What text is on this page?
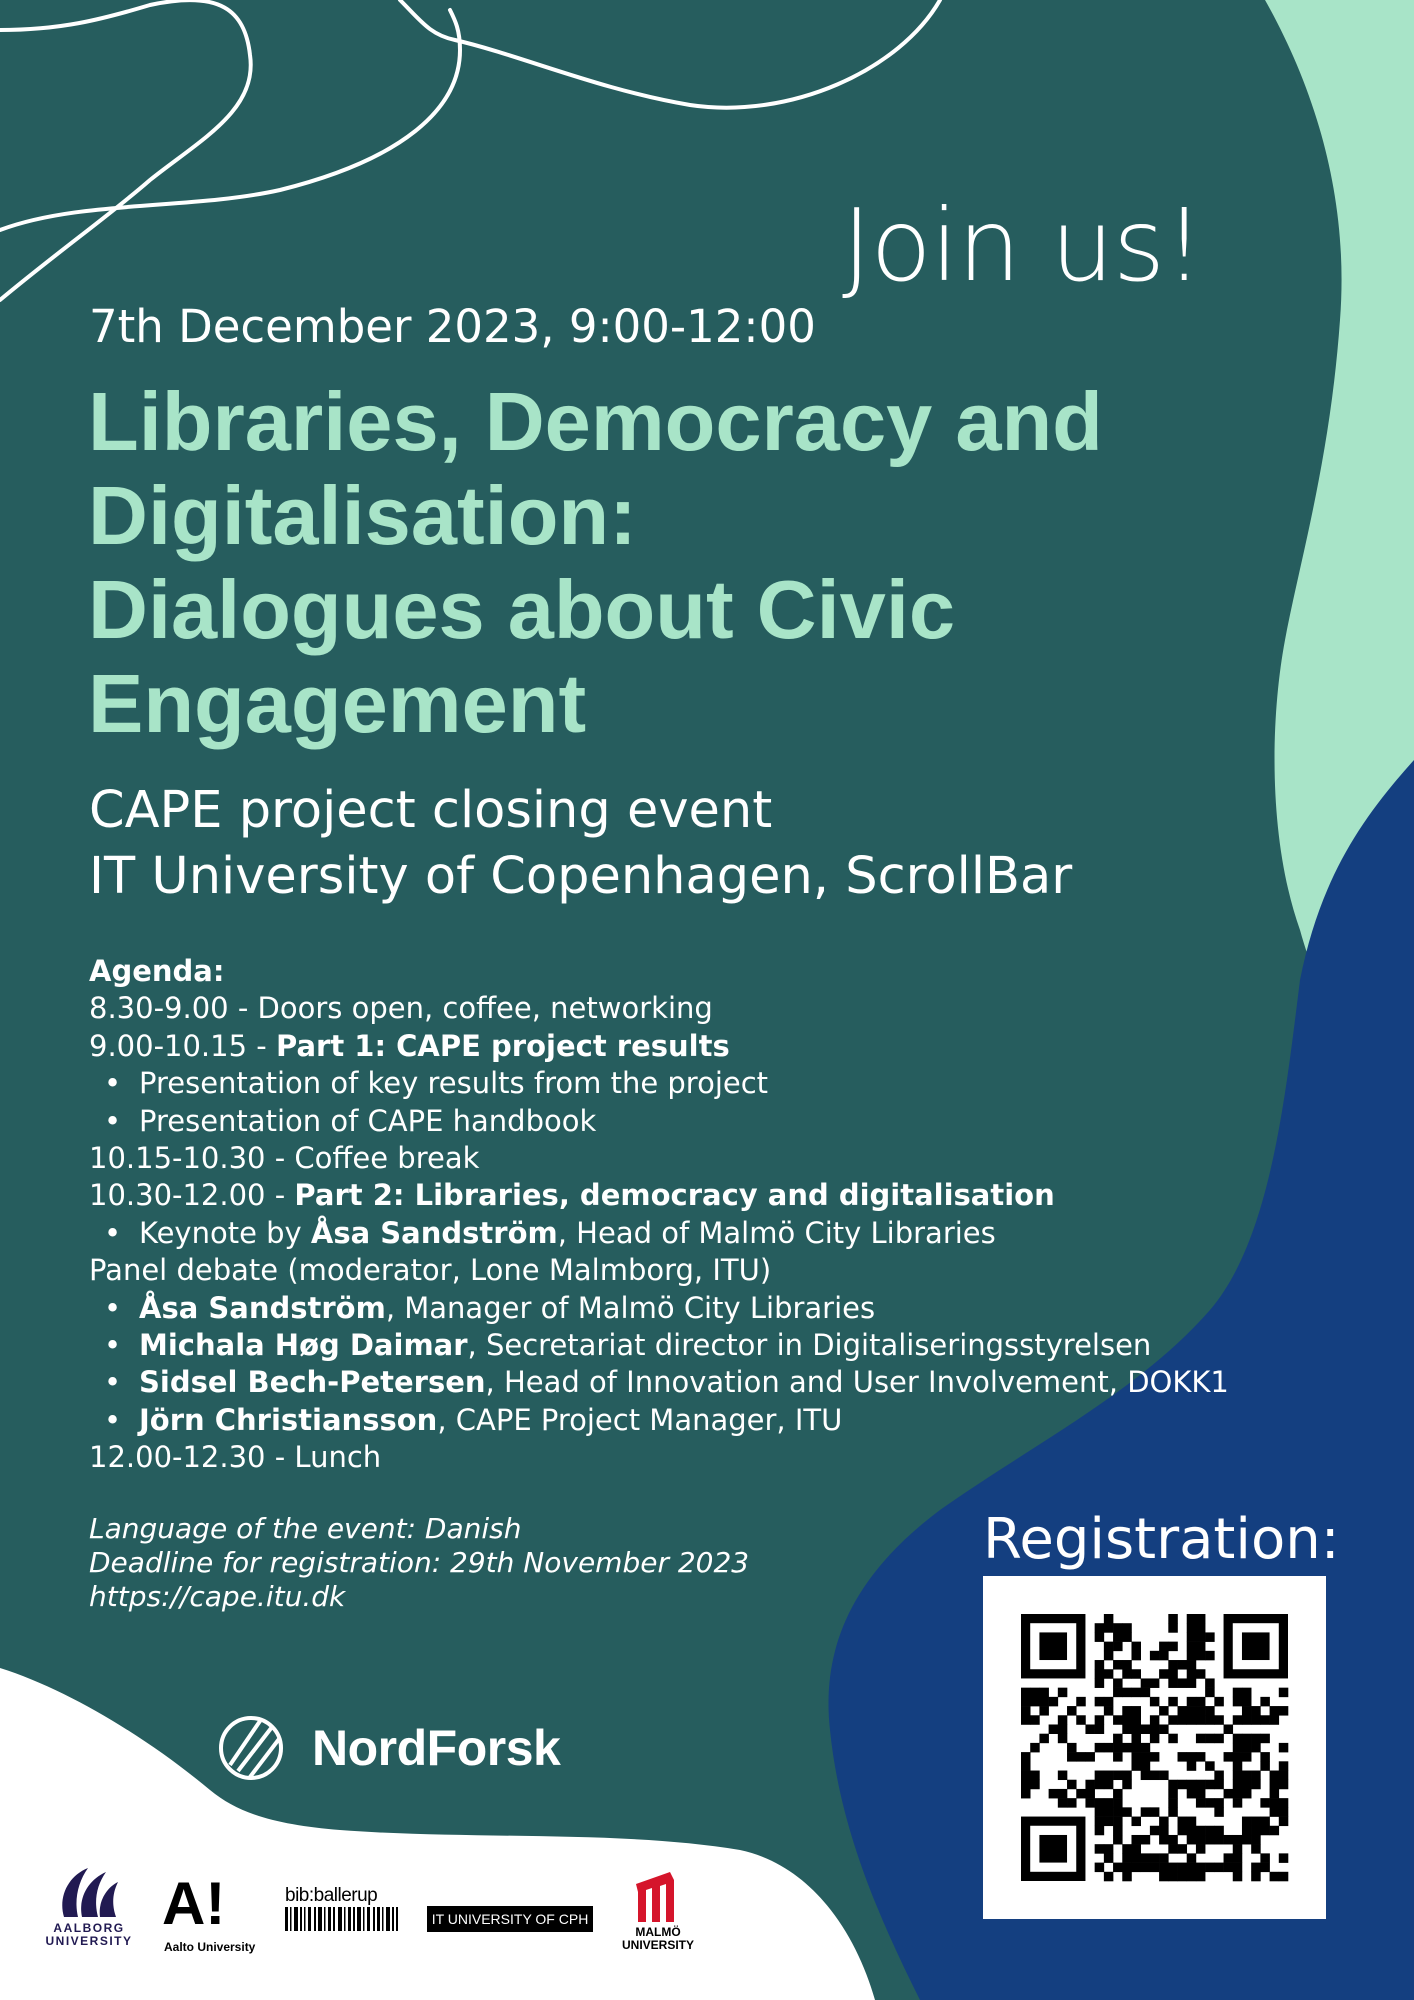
Join us!
7th December 2023, 9:00-12:00
Libraries, Democracy and
Digitalisation:
Dialogues about Civic
Engagement
CAPE project closing event
IT University of Copenhagen, ScrollBar
Agenda:
8.30-9.00 - Doors open, coffee, networking
9.00-10.15 - Part 1: CAPE project results
• Presentation of key results from the project
• Presentation of CAPE handbook
10.15-10.30 - Coffee break
10.30-12.00 - Part 2: Libraries, democracy and digitalisation
• Keynote by Åsa Sandström, Head of Malmö City Libraries
Panel debate (moderator, Lone Malmborg, ITU)
• Åsa Sandström, Manager of Malmö City Libraries
• Michala Høg Daimar, Secretariat director in Digitaliseringsstyrelsen
• Sidsel Bech-Petersen, Head of Innovation and User Involvement, DOKK1
• Jörn Christiansson, CAPE Project Manager, ITU
12.00-12.30 - Lunch
Language of the event: Danish
Deadline for registration: 29th November 2023
https://cape.itu.dk
Registration:
NordForsk
AALBORG
UNIVERSITY
A!
Aalto University
bib:ballerup
IT UNIVERSITY OF CPH
MALMÖ
UNIVERSITY
